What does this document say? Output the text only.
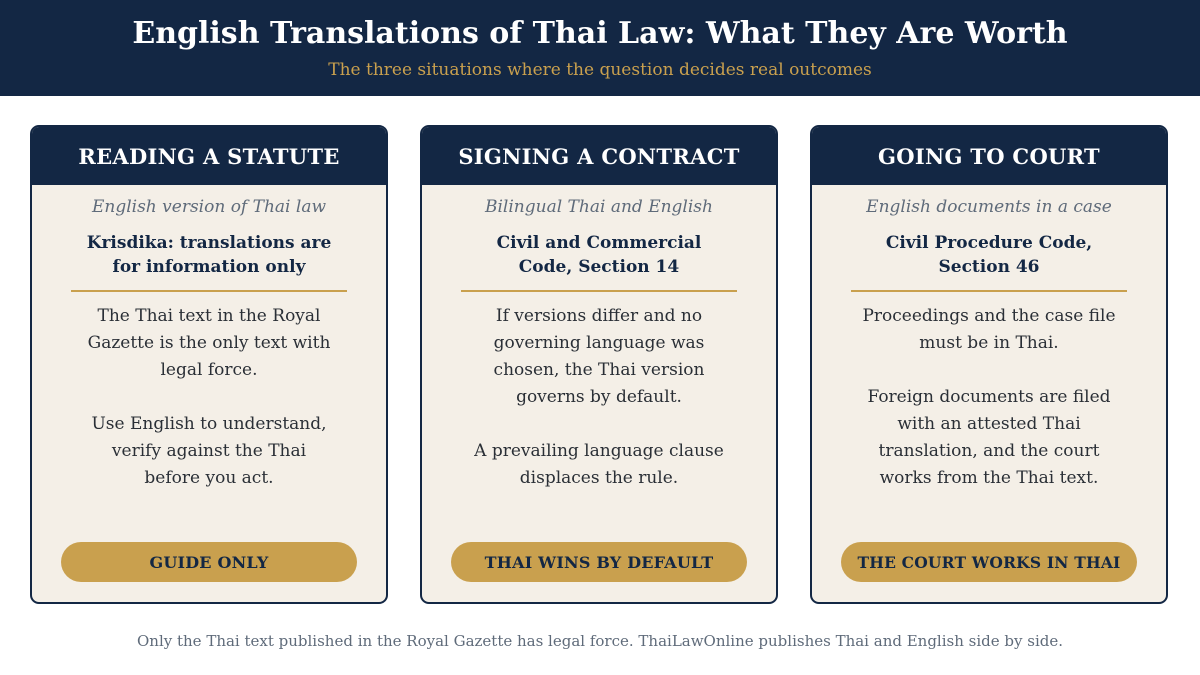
English Translations of Thai Law: What They Are Worth
The three situations where the question decides real outcomes
READING A STATUTE
English version of Thai law
Krisdika: translations are for information only

The Thai text in the Royal Gazette is the only text with legal force.

Use English to understand, verify against the Thai before you act.

GUIDE ONLY
SIGNING A CONTRACT
Bilingual Thai and English
Civil and Commercial Code, Section 14

If versions differ and no governing language was chosen, the Thai version governs by default.

A prevailing language clause displaces the rule.

THAI WINS BY DEFAULT
GOING TO COURT
English documents in a case
Civil Procedure Code, Section 46

Proceedings and the case file must be in Thai.

Foreign documents are filed with an attested Thai translation, and the court works from the Thai text.

THE COURT WORKS IN THAI
Only the Thai text published in the Royal Gazette has legal force. ThaiLawOnline publishes Thai and English side by side.
